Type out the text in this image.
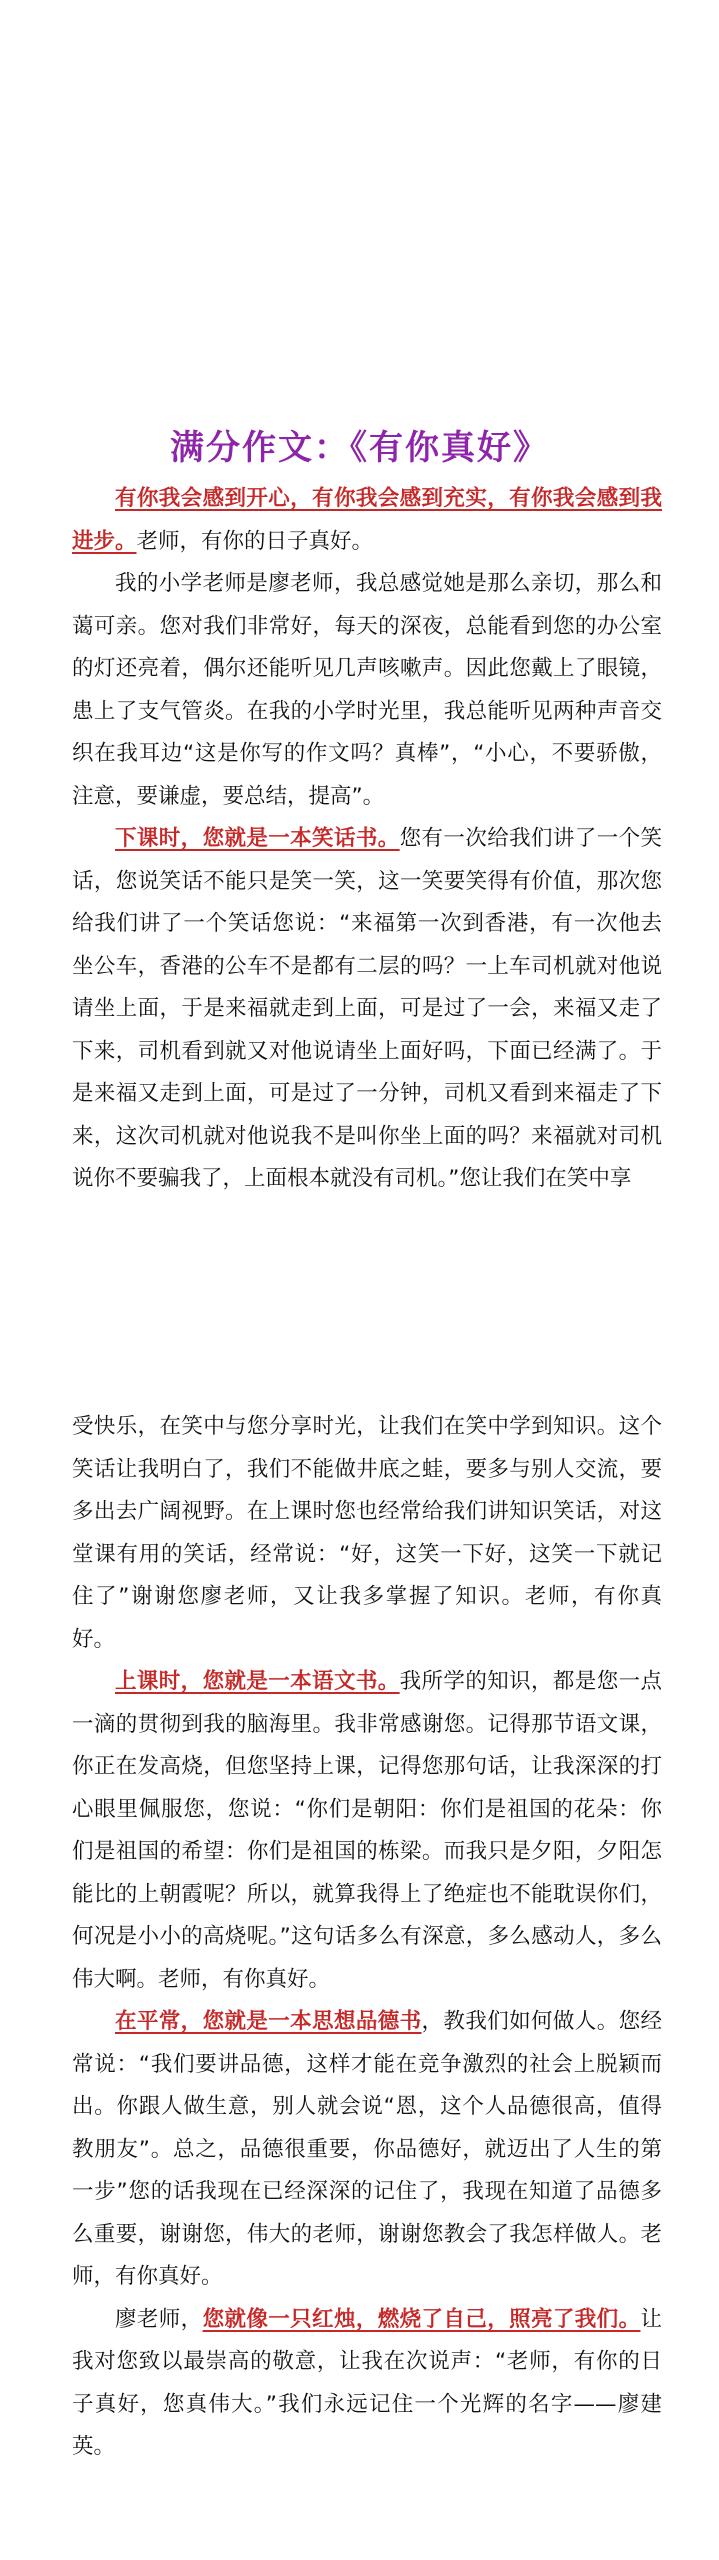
满分作文：《有你真好》

有你我会感到开心，有你我会感到充实，有你我会感到我进步。老师，有你的日子真好。

我的小学老师是廖老师，我总感觉她是那么亲切，那么和蔼可亲。您对我们非常好，每天的深夜，总能看到您的办公室的灯还亮着，偶尔还能听见几声咳嗽声。因此您戴上了眼镜，患上了支气管炎。在我的小学时光里，我总能听见两种声音交织在我耳边“这是你写的作文吗？真棒”，“小心，不要骄傲，注意，要谦虚，要总结，提高”。

下课时，您就是一本笑话书。您有一次给我们讲了一个笑话，您说笑话不能只是笑一笑，这一笑要笑得有价值，那次您给我们讲了一个笑话您说：“来福第一次到香港，有一次他去坐公车，香港的公车不是都有二层的吗？一上车司机就对他说请坐上面，于是来福就走到上面，可是过了一会，来福又走了下来，司机看到就又对他说请坐上面好吗，下面已经满了。于是来福又走到上面，可是过了一分钟，司机又看到来福走了下来，这次司机就对他说我不是叫你坐上面的吗？来福就对司机说你不要骗我了，上面根本就没有司机。”您让我们在笑中享

受快乐，在笑中与您分享时光，让我们在笑中学到知识。这个笑话让我明白了，我们不能做井底之蛙，要多与别人交流，要多出去广阔视野。在上课时您也经常给我们讲知识笑话，对这堂课有用的笑话，经常说：“好，这笑一下好，这笑一下就记住了”谢谢您廖老师，又让我多掌握了知识。老师，有你真好。

上课时，您就是一本语文书。我所学的知识，都是您一点一滴的贯彻到我的脑海里。我非常感谢您。记得那节语文课，你正在发高烧，但您坚持上课，记得您那句话，让我深深的打心眼里佩服您，您说：“你们是朝阳：你们是祖国的花朵：你们是祖国的希望：你们是祖国的栋梁。而我只是夕阳，夕阳怎能比的上朝霞呢？所以，就算我得上了绝症也不能耽误你们，何况是小小的高烧呢。”这句话多么有深意，多么感动人，多么伟大啊。老师，有你真好。

在平常，您就是一本思想品德书，教我们如何做人。您经常说：“我们要讲品德，这样才能在竞争激烈的社会上脱颖而出。你跟人做生意，别人就会说“恩，这个人品德很高，值得教朋友”。总之，品德很重要，你品德好，就迈出了人生的第一步”您的话我现在已经深深的记住了，我现在知道了品德多么重要，谢谢您，伟大的老师，谢谢您教会了我怎样做人。老师，有你真好。

廖老师，您就像一只红烛，燃烧了自己，照亮了我们。让我对您致以最崇高的敬意，让我在次说声：“老师，有你的日子真好，您真伟大。”我们永远记住一个光辉的名字——廖建英。
